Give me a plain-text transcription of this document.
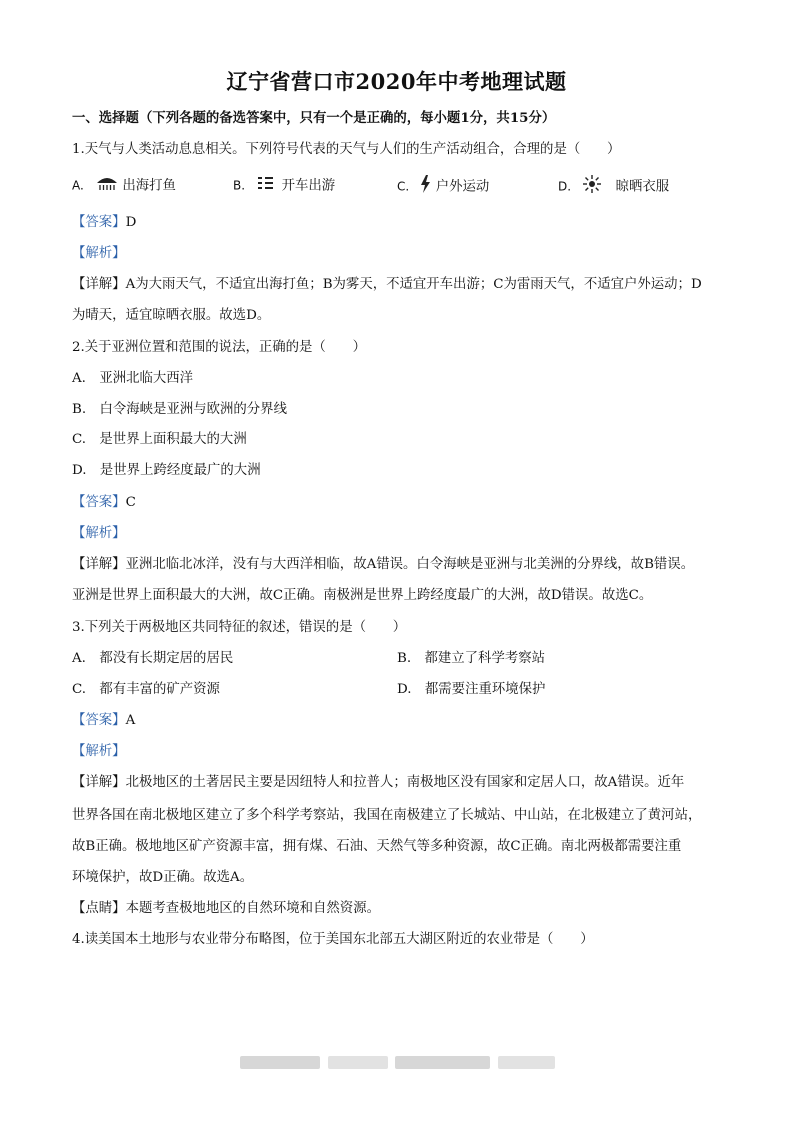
辽宁省营口市2020年中考地理试题
一、选择题（下列各题的备选答案中，只有一个是正确的，每小题1分，共15分）
1.天气与人类活动息息相关。下列符号代表的天气与人们的生产活动组合，合理的是（　　）
A.	出海打鱼	B.	开车出游	C. 户外运动	D.	晾晒衣服
【答案】D
【解析】
【详解】A为大雨天气，不适宜出海打鱼；B为雾天，不适宜开车出游；C为雷雨天气，不适宜户外运动；D
为晴天，适宜晾晒衣服。故选D。
2.关于亚洲位置和范围的说法，正确的是（　　）
A.　亚洲北临大西洋
B.　白令海峡是亚洲与欧洲的分界线
C.　是世界上面积最大的大洲
D.　是世界上跨经度最广的大洲
【答案】C
【解析】
【详解】亚洲北临北冰洋，没有与大西洋相临，故A错误。白令海峡是亚洲与北美洲的分界线，故B错误。
亚洲是世界上面积最大的大洲，故C正确。南极洲是世界上跨经度最广的大洲，故D错误。故选C。
3.下列关于两极地区共同特征的叙述，错误的是（　　）
A.　都没有长期定居的居民	B.　都建立了科学考察站
C.　都有丰富的矿产资源	D.　都需要注重环境保护
【答案】A
【解析】
【详解】北极地区的土著居民主要是因纽特人和拉普人；南极地区没有国家和定居人口，故A错误。近年
世界各国在南北极地区建立了多个科学考察站，我国在南极建立了长城站、中山站，在北极建立了黄河站，
故B正确。极地地区矿产资源丰富，拥有煤、石油、天然气等多种资源，故C正确。南北两极都需要注重
环境保护，故D正确。故选A。
【点睛】本题考查极地地区的自然环境和自然资源。
4.读美国本土地形与农业带分布略图，位于美国东北部五大湖区附近的农业带是（　　）
